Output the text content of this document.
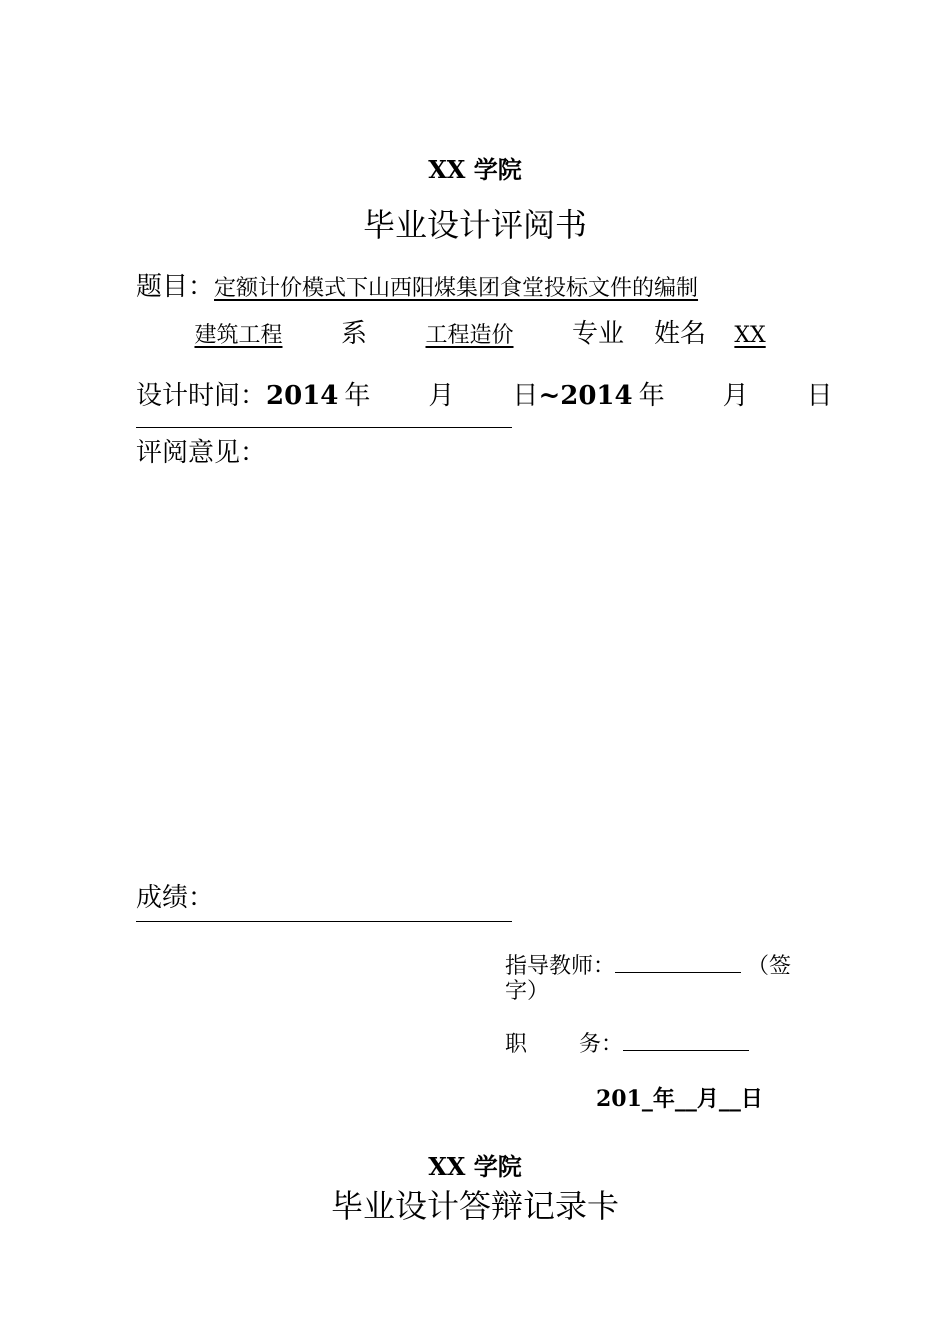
XX 学院
毕业设计评阅书
题目：定额计价模式下山西阳煤集团食堂投标文件的编制
建筑工程 系	工程造价 专业 姓名 XX
设计时间：2014 年 月 日~2014 年 月 日
评阅意见：
成绩：
指导教师：	（签
字）
职 务：
201_年__月__日
XX 学院
毕业设计答辩记录卡
